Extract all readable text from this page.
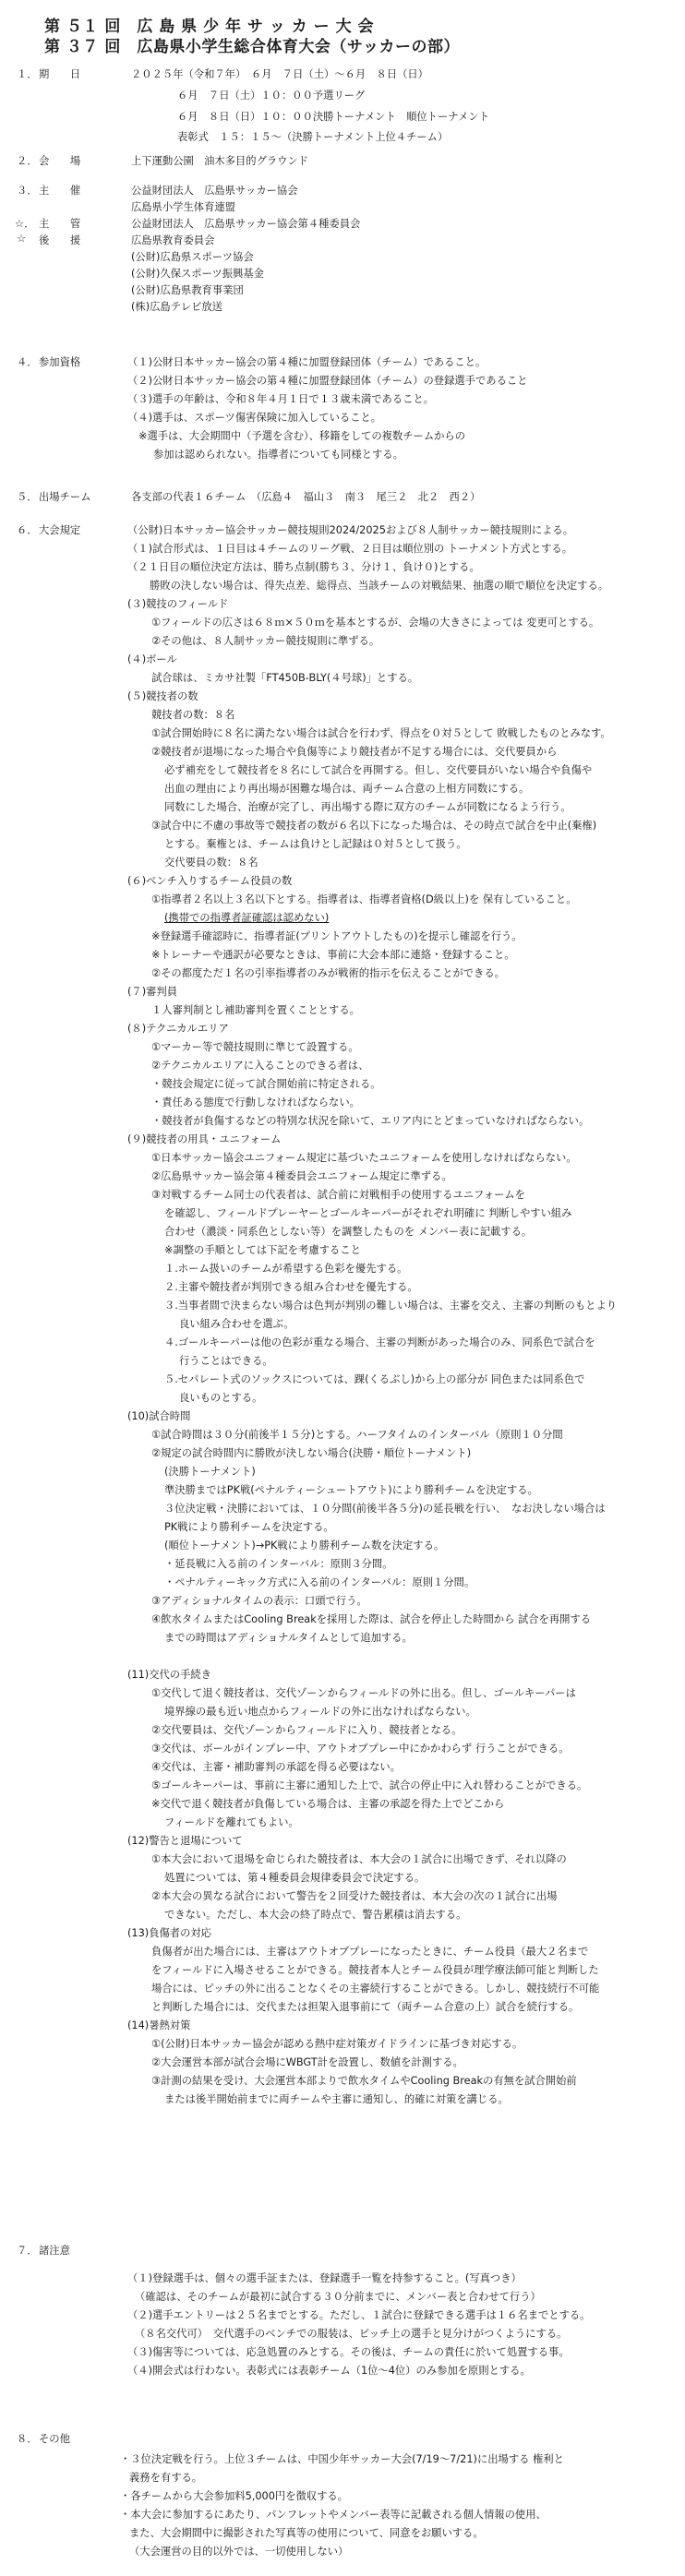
第 ５１ 回　広 島 県 少 年 サ ッ カ ー 大 会
第 ３７ 回　広島県小学生総合体育大会（サッカーの部）
１． 期　　日
２． 会　　場
３． 主　　催
☆． 主　　管
☆ 後　　援
４． 参加資格
５． 出場チーム
６． 大会規定
７． 諸注意
８． その他
２０２５年（令和７年）　６月　７日（土）～６月　８日（日）
６月　７日（土）１０：００予選リーグ
６月　８日（日）１０：００決勝トーナメント　順位トーナメント
表彰式　１５：１５～（決勝トーナメント上位４チーム）
上下運動公園　油木多目的グラウンド
公益財団法人　広島県サッカー協会
広島県小学生体育連盟
公益財団法人　広島県サッカー協会第４種委員会
広島県教育委員会
(公財)広島県スポーツ協会
(公財)久保スポーツ振興基金
(公財)広島県教育事業団
(株)広島テレビ放送
（１)公財日本サッカー協会の第４種に加盟登録団体（チーム）であること。
（２)公財日本サッカー協会の第４種に加盟登録団体（チーム）の登録選手であること
（３)選手の年齢は、令和８年４月１日で１３歳未満であること。
（４)選手は、スポーツ傷害保険に加入していること。
※選手は、大会期間中（予選を含む）、移籍をしての複数チームからの
参加は認められない。指導者についても同様とする。
各支部の代表１６チーム　（広島４　福山３　南３　尾三２　北２　西２）
（公財)日本サッカー協会サッカー競技規則2024/2025および８人制サッカー競技規則による。
（１)試合形式は、１日目は４チームのリーグ戦、２日目は順位別の トーナメント方式とする。
（２１日目の順位決定方法は、勝ち点制(勝ち３、分け１、負け０)とする。
勝敗の決しない場合は、得失点差、総得点、当該チームの対戦結果、抽選の順で順位を決定する。
(３)競技のフィールド
①フィールドの広さは６８ｍ×５０ｍを基本とするが、会場の大きさによっては 変更可とする。
②その他は、８人制サッカー競技規則に準ずる。
(４)ボール
試合球は、ミカサ社製「FT450B-BLY(４号球)」とする。
(５)競技者の数
競技者の数：８名
①試合開始時に８名に満たない場合は試合を行わず、得点を０対５として 敗戦したものとみなす。
②競技者が退場になった場合や負傷等により競技者が不足する場合には、交代要員から
必ず補充をして競技者を８名にして試合を再開する。但し、交代要員がいない場合や負傷や
出血の理由により再出場が困難な場合は、両チーム合意の上相方同数にする。
同数にした場合、治療が完了し、再出場する際に双方のチームが同数になるよう行う。
③試合中に不慮の事故等で競技者の数が６名以下になった場合は、その時点で試合を中止(棄権)
とする。棄権とは、チームは負けとし記録は０対５として扱う。
交代要員の数：８名
(６)ベンチ入りするチーム役員の数
①指導者２名以上３名以下とする。指導者は、指導者資格(D級以上)を 保有していること。
(携帯での指導者証確認は認めない)
※登録選手確認時に、指導者証(プリントアウトしたもの)を提示し確認を行う。
※トレーナーや通訳が必要なときは、事前に大会本部に連絡・登録すること。
②その都度ただ１名の引率指導者のみが戦術的指示を伝えることができる。
(７)審判員
１人審判制とし補助審判を置くこととする。
(８)テクニカルエリア
①マーカー等で競技規則に準じて設置する。
②テクニカルエリアに入ることのできる者は、
・競技会規定に従って試合開始前に特定される。
・責任ある態度で行動しなければならない。
・競技者が負傷するなどの特別な状況を除いて、エリア内にとどまっていなければならない。
(９)競技者の用具・ユニフォーム
①日本サッカー協会ユニフォーム規定に基づいたユニフォームを使用しなければならない。
②広島県サッカー協会第４種委員会ユニフォーム規定に準ずる。
③対戦するチーム同士の代表者は、試合前に対戦相手の使用するユニフォームを
を確認し、フィールドプレーヤーとゴールキーパーがそれぞれ明確に 判断しやすい組み
合わせ（濃淡・同系色としない等）を調整したものを メンバー表に記載する。
※調整の手順としては下記を考慮すること
１.ホーム扱いのチームが希望する色彩を優先する。
２.主審や競技者が判別できる組み合わせを優先する。
３.当事者間で決まらない場合は色判が判別の難しい場合は、主審を交え、主審の判断のもとより
良い組み合わせを選ぶ。
４.ゴールキーパーは他の色彩が重なる場合、主審の判断があった場合のみ、同系色で試合を
行うことはできる。
５.セパレート式のソックスについては、踝(くるぶし)から上の部分が 同色または同系色で
良いものとする。
(10)試合時間
①試合時間は３０分(前後半１５分)とする。ハーフタイムのインターバル（原則１０分間
②規定の試合時間内に勝敗が決しない場合(決勝・順位トーナメント)
(決勝トーナメント)
準決勝まではPK戦(ペナルティーシュートアウト)により勝利チームを決定する。
３位決定戦・決勝においては、１０分間(前後半各５分)の延長戦を行い、　なお決しない場合は
PK戦により勝利チームを決定する。
(順位トーナメント)→PK戦により勝利チーム数を決定する。
・延長戦に入る前のインターバル：原則３分間。
・ペナルティーキック方式に入る前のインターバル：原則１分間。
③アディショナルタイムの表示：口頭で行う。
④飲水タイムまたはCooling Breakを採用した際は、試合を停止した時間から 試合を再開する
までの時間はアディショナルタイムとして追加する。
(11)交代の手続き
①交代して退く競技者は、交代ゾーンからフィールドの外に出る。但し、ゴールキーパーは
境界線の最も近い地点からフィールドの外に出なければならない。
②交代要員は、交代ゾーンからフィールドに入り、競技者となる。
③交代は、ボールがインプレー中、アウトオブプレー中にかかわらず 行うことができる。
④交代は、主審・補助審判の承認を得る必要はない。
⑤ゴールキーパーは、事前に主審に通知した上で、試合の停止中に入れ替わることができる。
※交代で退く競技者が負傷している場合は、主審の承認を得た上でどこから
フィールドを離れてもよい。
(12)警告と退場について
①本大会において退場を命じられた競技者は、本大会の１試合に出場できず、それ以降の
処置については、第４種委員会規律委員会で決定する。
②本大会の異なる試合において警告を２回受けた競技者は、本大会の次の１試合に出場
できない。ただし、本大会の終了時点で、警告累積は消去する。
(13)負傷者の対応
負傷者が出た場合には、主審はアウトオブプレーになったときに、チーム役員（最大２名まで
をフィールドに入場させることができる。競技者本人とチーム役員が理学療法師可能と判断した
場合には、ピッチの外に出ることなくその主審続行することができる。しかし、競技続行不可能
と判断した場合には、交代または担架入退事前にて（両チーム合意の上）試合を続行する。
(14)暑熱対策
①(公財)日本サッカー協会が認める熱中症対策ガイドラインに基づき対応する。
②大会運営本部が試合会場にWBGT計を設置し、数値を計測する。
③計測の結果を受け、大会運営本部よりで飲水タイムやCooling Breakの有無を試合開始前
または後半開始前までに両チームや主審に通知し、的確に対策を講じる。
（１)登録選手は、個々の選手証または、登録選手一覧を持参すること。(写真つき）
（確認は、そのチームが最初に試合する３０分前までに、メンバー表と合わせて行う）
（２)選手エントリーは２５名までとする。ただし、１試合に登録できる選手は１６名までとする。
（８名交代可）　交代選手のベンチでの服装は、ビッチ上の選手と見分けがつくようにする。
（３)傷害等については、応急処置のみとする。その後は、チームの責任に於いて処置する事。
（４)開会式は行わない。表彰式には表彰チーム（1位～4位）のみ参加を原則とする。
・３位決定戦を行う。上位３チームは、中国少年サッカー大会(7/19～7/21)に出場する 権利と
義務を有する。
・各チームから大会参加料5,000円を徴収する。
・本大会に参加するにあたり、パンフレットやメンバー表等に記載される個人情報の使用、
また、大会期間中に撮影された写真等の使用について、同意をお願いする。
（大会運営の目的以外では、一切使用しない）
